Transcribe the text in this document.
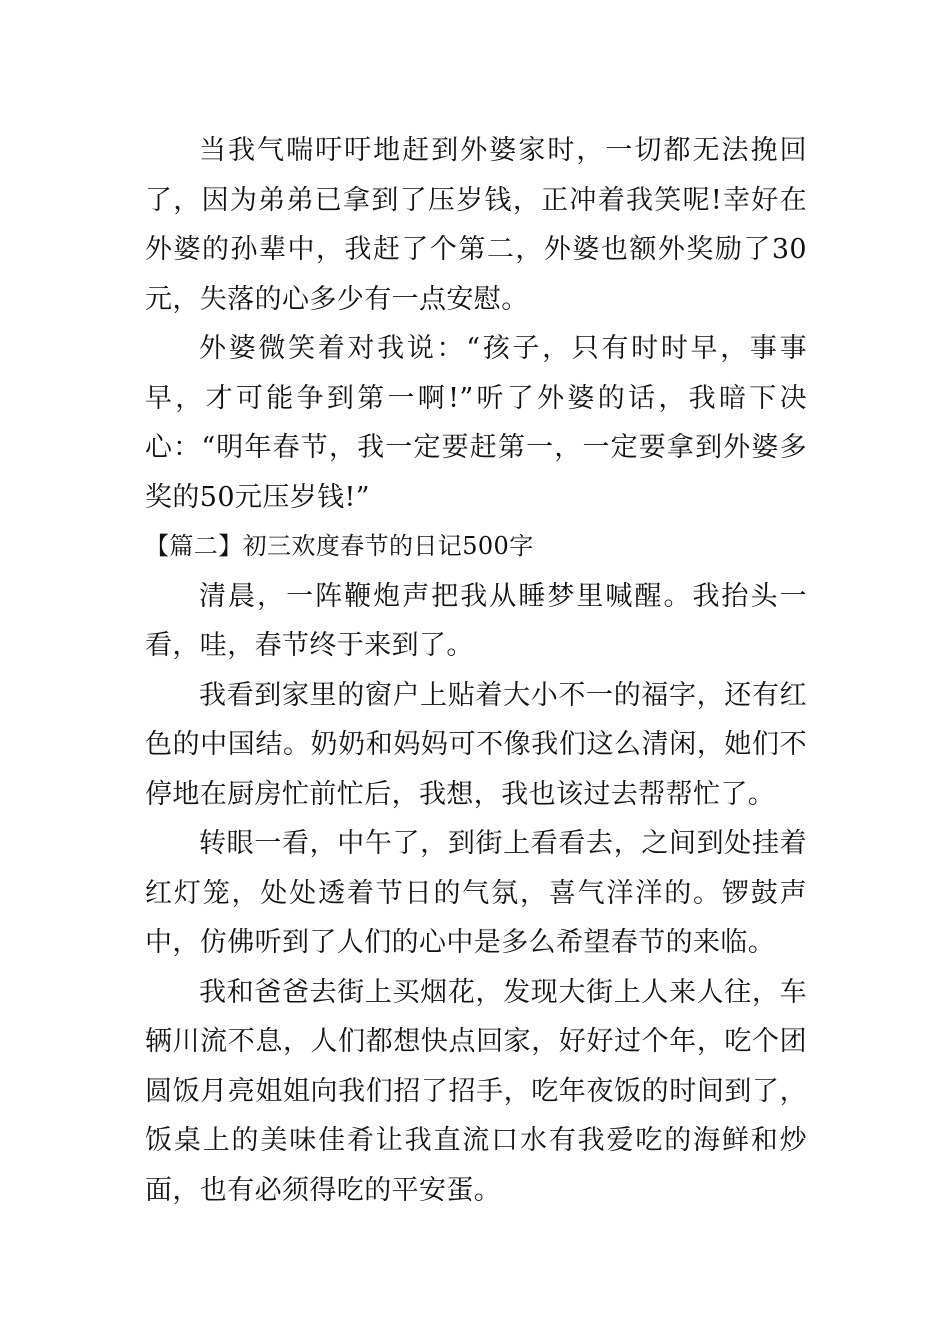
当我气喘吁吁地赶到外婆家时，一切都无法挽回了，因为弟弟已拿到了压岁钱，正冲着我笑呢!幸好在外婆的孙辈中，我赶了个第二，外婆也额外奖励了30元，失落的心多少有一点安慰。

外婆微笑着对我说：“孩子，只有时时早，事事早，才可能争到第一啊!”听了外婆的话，我暗下决心：“明年春节，我一定要赶第一，一定要拿到外婆多奖的50元压岁钱!”

【篇二】初三欢度春节的日记500字

清晨，一阵鞭炮声把我从睡梦里喊醒。我抬头一看，哇，春节终于来到了。

我看到家里的窗户上贴着大小不一的福字，还有红色的中国结。奶奶和妈妈可不像我们这么清闲，她们不停地在厨房忙前忙后，我想，我也该过去帮帮忙了。

转眼一看，中午了，到街上看看去，之间到处挂着红灯笼，处处透着节日的气氛，喜气洋洋的。锣鼓声中，仿佛听到了人们的心中是多么希望春节的来临。

我和爸爸去街上买烟花，发现大街上人来人往，车辆川流不息，人们都想快点回家，好好过个年，吃个团圆饭月亮姐姐向我们招了招手，吃年夜饭的时间到了，饭桌上的美味佳肴让我直流口水有我爱吃的海鲜和炒面，也有必须得吃的平安蛋。
